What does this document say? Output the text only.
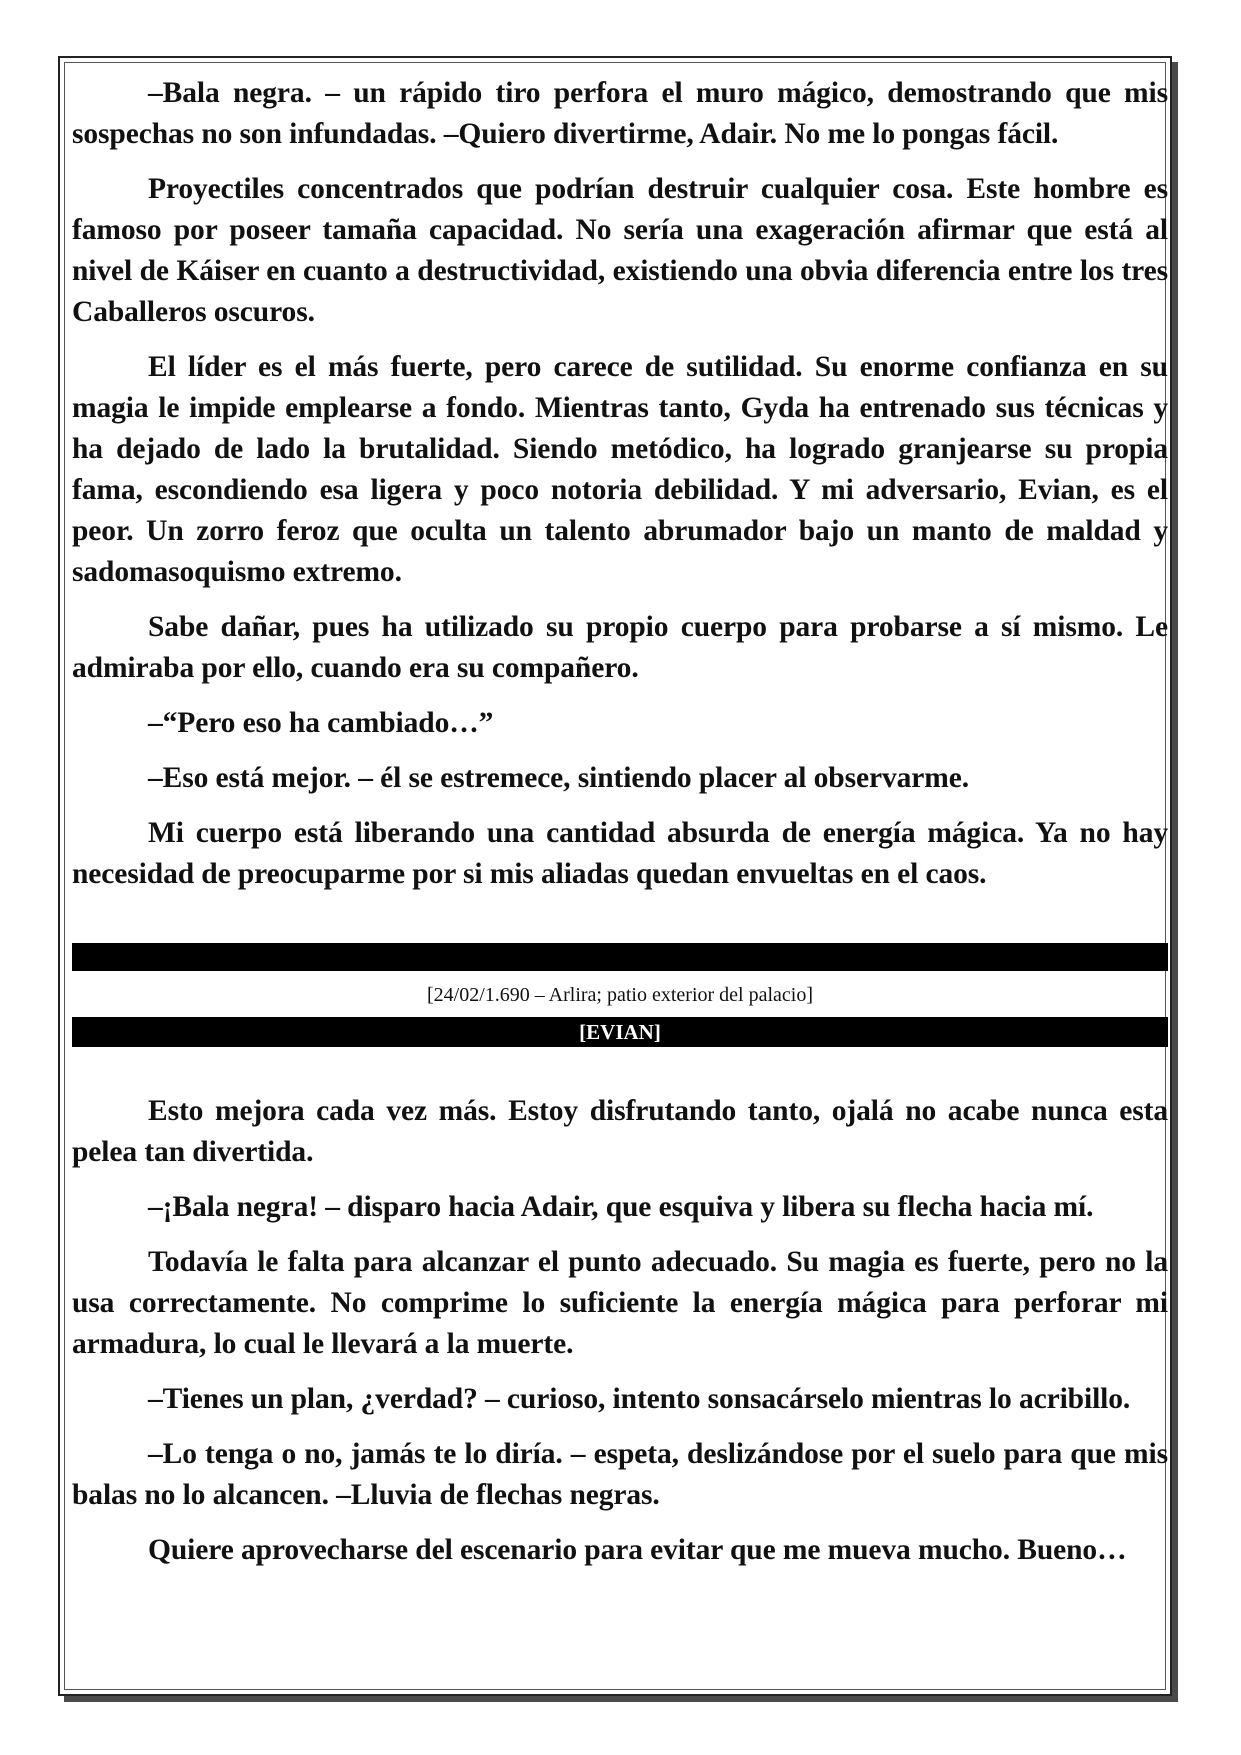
–Bala negra. – un rápido tiro perfora el muro mágico, demostrando que mis sospechas no son infundadas. –Quiero divertirme, Adair. No me lo pongas fácil.

Proyectiles concentrados que podrían destruir cualquier cosa. Este hombre es famoso por poseer tamaña capacidad. No sería una exageración afirmar que está al nivel de Káiser en cuanto a destructividad, existiendo una obvia diferencia entre los tres Caballeros oscuros.

El líder es el más fuerte, pero carece de sutilidad. Su enorme confianza en su magia le impide emplearse a fondo. Mientras tanto, Gyda ha entrenado sus técnicas y ha dejado de lado la brutalidad. Siendo metódico, ha logrado granjearse su propia fama, escondiendo esa ligera y poco notoria debilidad. Y mi adversario, Evian, es el peor. Un zorro feroz que oculta un talento abrumador bajo un manto de maldad y sadomasoquismo extremo.

Sabe dañar, pues ha utilizado su propio cuerpo para probarse a sí mismo. Le admiraba por ello, cuando era su compañero.

–“Pero eso ha cambiado…”

–Eso está mejor. – él se estremece, sintiendo placer al observarme.

Mi cuerpo está liberando una cantidad absurda de energía mágica. Ya no hay necesidad de preocuparme por si mis aliadas quedan envueltas en el caos.

[24/02/1.690 – Arlira; patio exterior del palacio]
[EVIAN]

Esto mejora cada vez más. Estoy disfrutando tanto, ojalá no acabe nunca esta pelea tan divertida.

–¡Bala negra! – disparo hacia Adair, que esquiva y libera su flecha hacia mí.

Todavía le falta para alcanzar el punto adecuado. Su magia es fuerte, pero no la usa correctamente. No comprime lo suficiente la energía mágica para perforar mi armadura, lo cual le llevará a la muerte.

–Tienes un plan, ¿verdad? – curioso, intento sonsacárselo mientras lo acribillo.

–Lo tenga o no, jamás te lo diría. – espeta, deslizándose por el suelo para que mis balas no lo alcancen. –Lluvia de flechas negras.

Quiere aprovecharse del escenario para evitar que me mueva mucho. Bueno…
